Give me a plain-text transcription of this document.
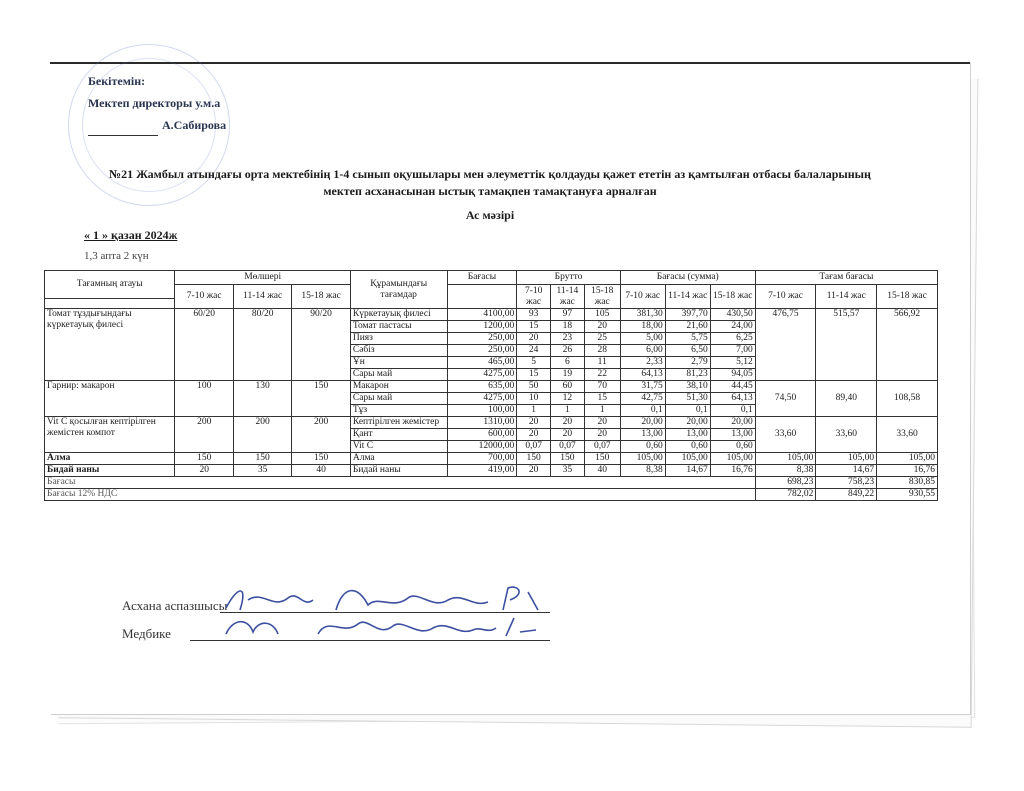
Бекітемін:
Мектеп директоры у.м.а
А.Сабирова
№21 Жамбыл атындағы орта мектебінің 1-4 сынып оқушылары мен әлеуметтік қолдауды қажет ететін аз қамтылған отбасы балаларының
мектеп асханасынан ыстық тамақпен тамақтануға арналған
Ас мәзірі
« 1 » қазан 2024ж
1,3 апта 2 күн
Тағамның атауы	Мөлшері			Құрамындағы тағамдар	Бағасы	Брутто			Бағасы (сумма)			Тағам бағасы		
	7-10 жас	11-14 жас	15-18 жас			7-10 жас	11-14 жас	15-18 жас	7-10 жас	11-14 жас	15-18 жас	7-10 жас	11-14 жас	15-18 жас

Томат тұздығындағы күркетауық филесі	60/20	80/20	90/20	Күркетауық филесі	4100,00	93	97	105	381,30	397,70	430,50	476,75	515,57	566,92
				Томат пастасы	1200,00	15	18	20	18,00	21,60	24,00			
				Пияз	250,00	20	23	25	5,00	5,75	6,25			
				Сәбіз	250,00	24	26	28	6,00	6,50	7,00			
				Ұн	465,00	5	6	11	2,33	2,79	5,12			
				Сары май	4275,00	15	19	22	64,13	81,23	94,05			
Гарнир: макарон	100	130	150	Макарон	635,00	50	60	70	31,75	38,10	44,45	74,50	89,40	108,58
				Сары май	4275,00	10	12	15	42,75	51,30	64,13			
				Тұз	100,00	1	1	1	0,1	0,1	0,1			
Vit C қосылған кептірілген жемістен компот	200	200	200	Кептірілген жемістер	1310,00	20	20	20	20,00	20,00	20,00	33,60	33,60	33,60
				Қант	600,00	20	20	20	13,00	13,00	13,00			
				Vit C	12000,00	0,07	0,07	0,07	0,60	0,60	0,60			
Алма	150	150	150	Алма	700,00	150	150	150	105,00	105,00	105,00	105,00	105,00	105,00
Бидай наны	20	35	40	Бидай наны	419,00	20	35	40	8,38	14,67	16,76	8,38	14,67	16,76
Бағасы												698,23	758,23	830,85
Бағасы 12% НДС												782,02	849,22	930,55
Асхана аспазшысы
Медбике
